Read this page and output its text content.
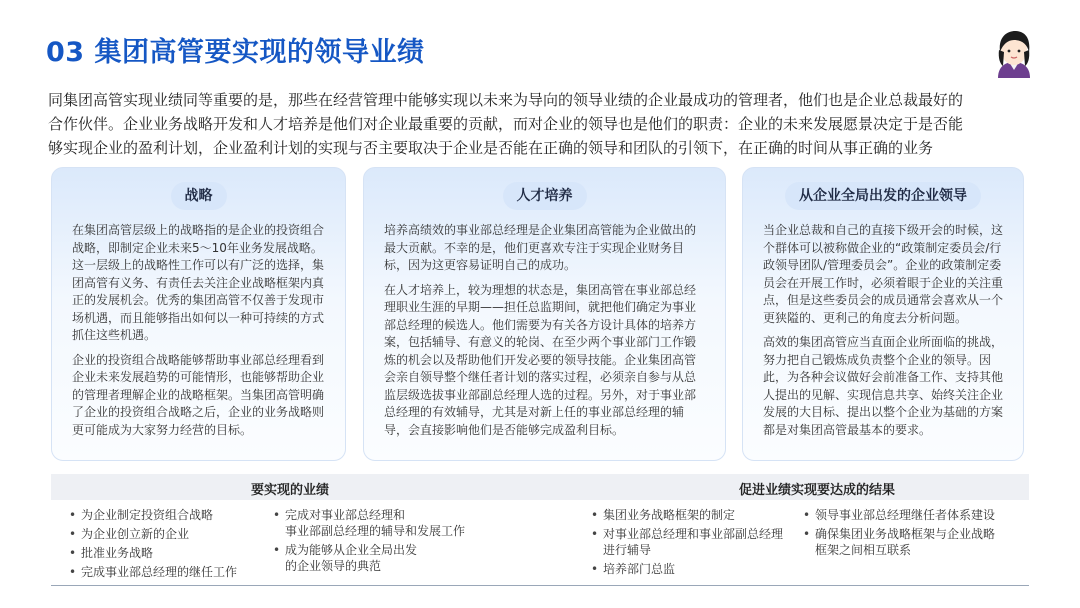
03 集团高管要实现的领导业绩
同集团高管实现业绩同等重要的是，那些在经营管理中能够实现以未来为导向的领导业绩的企业最成功的管理者，他们也是企业总裁最好的
合作伙伴。企业业务战略开发和人才培养是他们对企业最重要的贡献，而对企业的领导也是他们的职责：企业的未来发展愿景决定于是否能
够实现企业的盈利计划，企业盈利计划的实现与否主要取决于企业是否能在正确的领导和团队的引领下，在正确的时间从事正确的业务
战略

在集团高管层级上的战略指的是企业的投资组合战略，即制定企业未来5～10年业务发展战略。这一层级上的战略性工作可以有广泛的选择，集团高管有义务、有责任去关注企业战略框架内真正的发展机会。优秀的集团高管不仅善于发现市场机遇，而且能够指出如何以一种可持续的方式抓住这些机遇。

企业的投资组合战略能够帮助事业部总经理看到企业未来发展趋势的可能情形，也能够帮助企业的管理者理解企业的战略框架。当集团高管明确了企业的投资组合战略之后，企业的业务战略则更可能成为大家努力经营的目标。

人才培养

培养高绩效的事业部总经理是企业集团高管能为企业做出的最大贡献。不幸的是，他们更喜欢专注于实现企业财务目标，因为这更容易证明自己的成功。

在人才培养上，较为理想的状态是，集团高管在事业部总经理职业生涯的早期——担任总监期间，就把他们确定为事业部总经理的候选人。他们需要为有关各方设计具体的培养方案，包括辅导、有意义的轮岗、在至少两个事业部门工作锻炼的机会以及帮助他们开发必要的领导技能。企业集团高管会亲自领导整个继任者计划的落实过程，必须亲自参与从总监层级选拔事业部副总经理人选的过程。另外，对于事业部总经理的有效辅导，尤其是对新上任的事业部总经理的辅导，会直接影响他们是否能够完成盈利目标。

从企业全局出发的企业领导

当企业总裁和自己的直接下级开会的时候，这个群体可以被称做企业的“政策制定委员会/行政领导团队/管理委员会”。企业的政策制定委员会在开展工作时，必须着眼于企业的关注重点，但是这些委员会的成员通常会喜欢从一个更狭隘的、更利己的角度去分析问题。

高效的集团高管应当直面企业所面临的挑战，努力把自己锻炼成负责整个企业的领导。因此，为各种会议做好会前准备工作、支持其他人提出的见解、实现信息共享、始终关注企业发展的大目标、提出以整个企业为基础的方案都是对集团高管最基本的要求。

要实现的业绩	促进业绩实现要达成的结果
• 为企业制定投资组合战略
• 为企业创立新的企业
• 批准业务战略
• 完成事业部总经理的继任工作
• 完成对事业部总经理和
事业部副总经理的辅导和发展工作
• 成为能够从企业全局出发
的企业领导的典范
• 集团业务战略框架的制定
• 对事业部总经理和事业部副总经理
进行辅导
• 培养部门总监
• 领导事业部总经理继任者体系建设
• 确保集团业务战略框架与企业战略
框架之间相互联系
